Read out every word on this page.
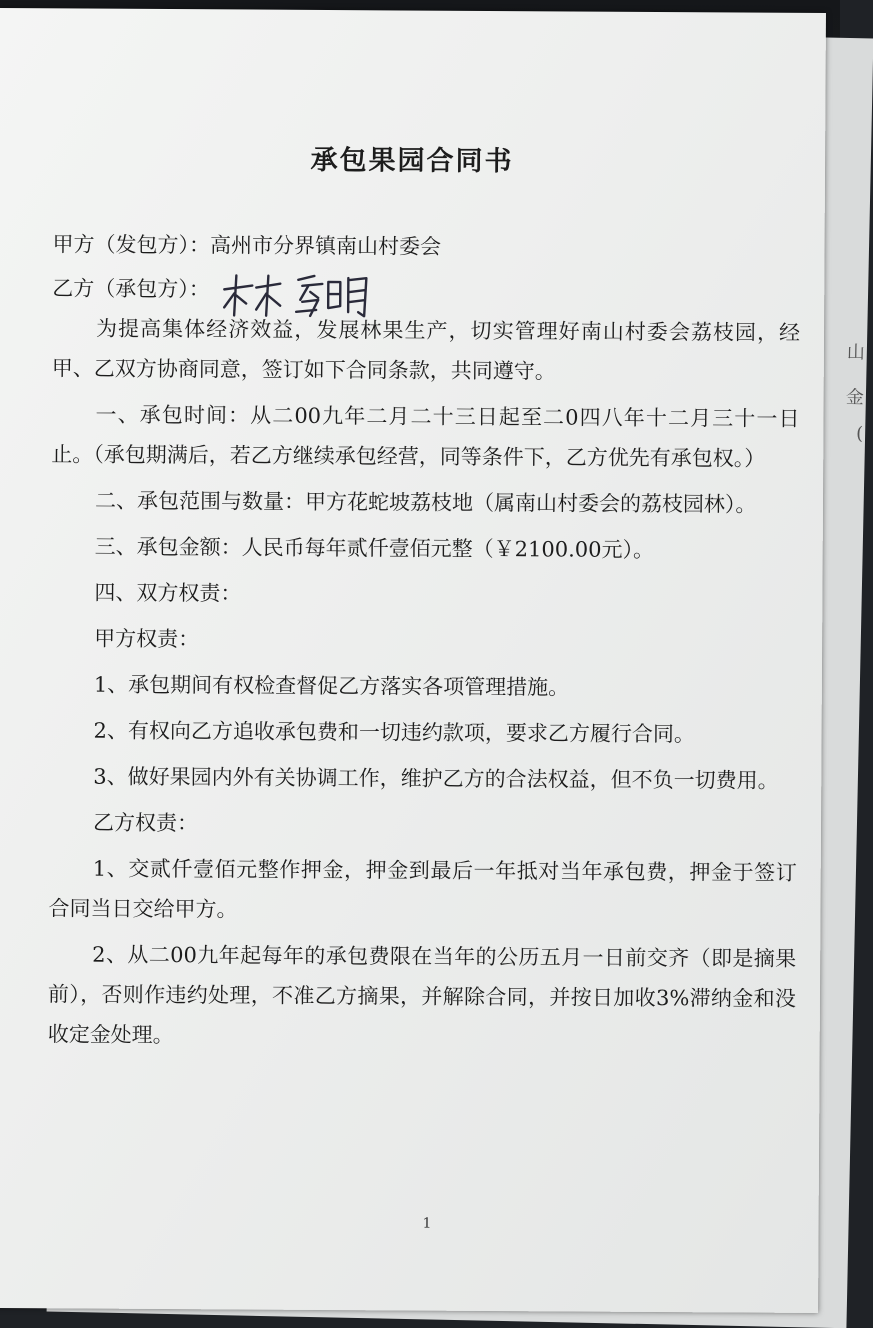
山
金
(
承包果园合同书
甲方（发包方）：高州市分界镇南山村委会
乙方（承包方）：

为提高集体经济效益，发展林果生产，切实管理好南山村委会荔枝园，经甲、乙双方协商同意，签订如下合同条款，共同遵守。

一、承包时间：从二00九年二月二十三日起至二0四八年十二月三十一日止。（承包期满后，若乙方继续承包经营，同等条件下，乙方优先有承包权。）

二、承包范围与数量：甲方花蛇坡荔枝地（属南山村委会的荔枝园林）。

三、承包金额：人民币每年贰仟壹佰元整（￥2100.00元）。

四、双方权责：

甲方权责：

1、承包期间有权检查督促乙方落实各项管理措施。

2、有权向乙方追收承包费和一切违约款项，要求乙方履行合同。

3、做好果园内外有关协调工作，维护乙方的合法权益，但不负一切费用。

乙方权责：

1、交贰仟壹佰元整作押金，押金到最后一年抵对当年承包费，押金于签订合同当日交给甲方。

2、从二00九年起每年的承包费限在当年的公历五月一日前交齐（即是摘果前），否则作违约处理，不准乙方摘果，并解除合同，并按日加收3%滞纳金和没收定金处理。

1
